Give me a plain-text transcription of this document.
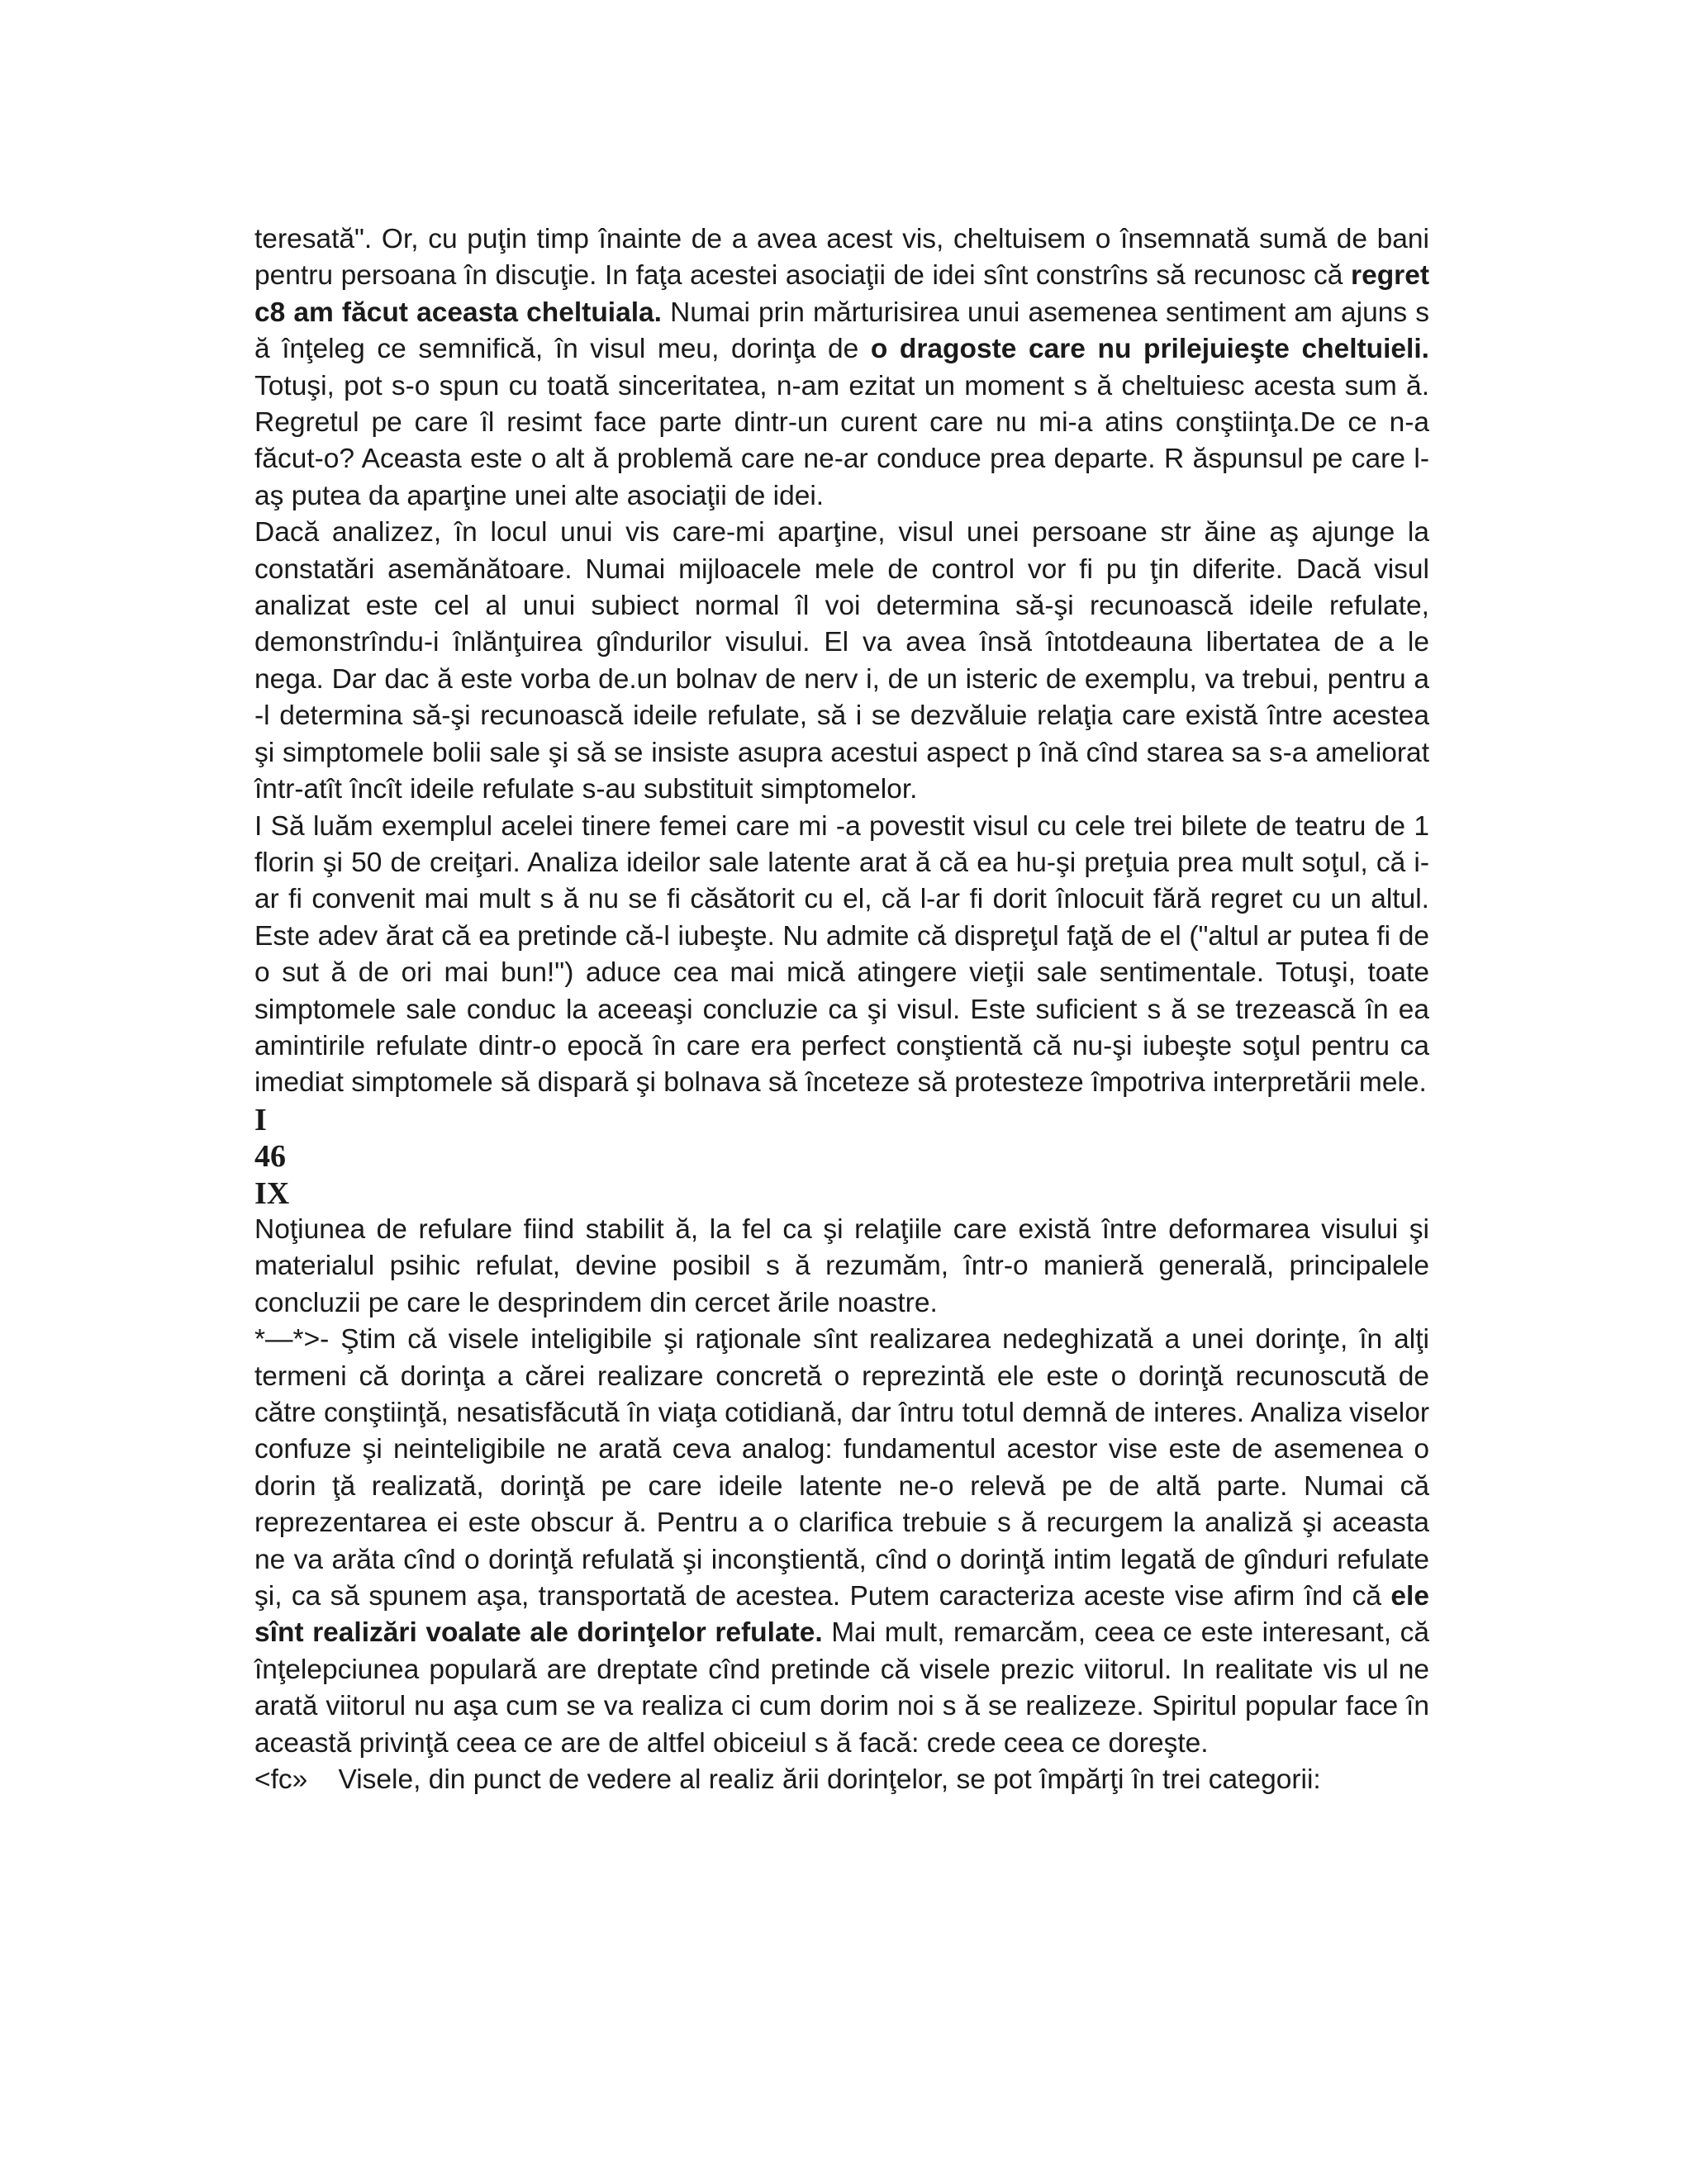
teresată". Or, cu puţin timp înainte de a avea acest vis, cheltuisem o însemnată sumă de bani pentru persoana în discuţie. In faţa acestei asociaţii de idei sînt constrîns să recunosc că regret c8 am făcut aceasta cheltuiala. Numai prin mărturisirea unui asemenea sentiment am ajuns s ă înţeleg ce semnifică, în visul meu, dorinţa de o dragoste care nu prilejuieşte cheltuieli. Totuşi, pot s-o spun cu toată sinceritatea, n-am ezitat un moment s ă cheltuiesc acesta sum ă. Regretul pe care îl resimt face parte dintr-un curent care nu mi-a atins conştiinţa.De ce n-a făcut-o? Aceasta este o alt ă problemă care ne-ar conduce prea departe. R ăspunsul pe care l-aş putea da aparţine unei alte asociaţii de idei.

Dacă analizez, în locul unui vis care-mi aparţine, visul unei persoane str ăine aş ajunge la constatări asemănătoare. Numai mijloacele mele de control vor fi pu ţin diferite. Dacă visul analizat este cel al unui subiect normal îl voi determina să-şi recunoască ideile refulate, demonstrîndu-i înlănţuirea gîndurilor visului. El va avea însă întotdeauna libertatea de a le nega. Dar dac ă este vorba de.un bolnav de nerv i, de un isteric de exemplu, va trebui, pentru a -l determina să-şi recunoască ideile refulate, să i se dezvăluie relaţia care există între acestea şi simptomele bolii sale şi să se insiste asupra acestui aspect p înă cînd starea sa s-a ameliorat într-atît încît ideile refulate s-au substituit simptomelor.

I Să luăm exemplul acelei tinere femei care mi -a povestit visul cu cele trei bilete de teatru de 1 florin şi 50 de creiţari. Analiza ideilor sale latente arat ă că ea hu-şi preţuia prea mult soţul, că i-ar fi convenit mai mult s ă nu se fi căsătorit cu el, că l-ar fi dorit înlocuit fără regret cu un altul. Este adev ărat că ea pretinde că-l iubeşte. Nu admite că dispreţul faţă de el ("altul ar putea fi de o sut ă de ori mai bun!") aduce cea mai mică atingere vieţii sale sentimentale. Totuşi, toate simptomele sale conduc la aceeaşi concluzie ca şi visul. Este suficient s ă se trezească în ea amintirile refulate dintr-o epocă în care era perfect conştientă că nu-şi iubeşte soţul pentru ca imediat simptomele să dispară şi bolnava să înceteze să protesteze împotriva interpretării mele.

I

46

IX

Noţiunea de refulare fiind stabilit ă, la fel ca şi relaţiile care există între deformarea visului şi materialul psihic refulat, devine posibil s ă rezumăm, într-o manieră generală, principalele concluzii pe care le desprindem din cercet ările noastre.

*—*>- Ştim că visele inteligibile şi raţionale sînt realizarea nedeghizată a unei dorinţe, în alţi termeni că dorinţa a cărei realizare concretă o reprezintă ele este o dorinţă recunoscută de către conştiinţă, nesatisfăcută în viaţa cotidiană, dar întru totul demnă de interes. Analiza viselor confuze şi neinteligibile ne arată ceva analog: fundamentul acestor vise este de asemenea o dorin ţă realizată, dorinţă pe care ideile latente ne-o relevă pe de altă parte. Numai că reprezentarea ei este obscur ă. Pentru a o clarifica trebuie s ă recurgem la analiză şi aceasta ne va arăta cînd o dorinţă refulată şi inconştientă, cînd o dorinţă intim legată de gînduri refulate şi, ca să spunem aşa, transportată de acestea. Putem caracteriza aceste vise afirm înd că ele sînt realizări voalate ale dorinţelor refulate. Mai mult, remarcăm, ceea ce este interesant, că înţelepciunea populară are dreptate cînd pretinde că visele prezic viitorul. In realitate vis ul ne arată viitorul nu aşa cum se va realiza ci cum dorim noi s ă se realizeze. Spiritul popular face în această privinţă ceea ce are de altfel obiceiul s ă facă: crede ceea ce doreşte.

<fc»    Visele, din punct de vedere al realiz ării dorinţelor, se pot împărţi în trei categorii:
